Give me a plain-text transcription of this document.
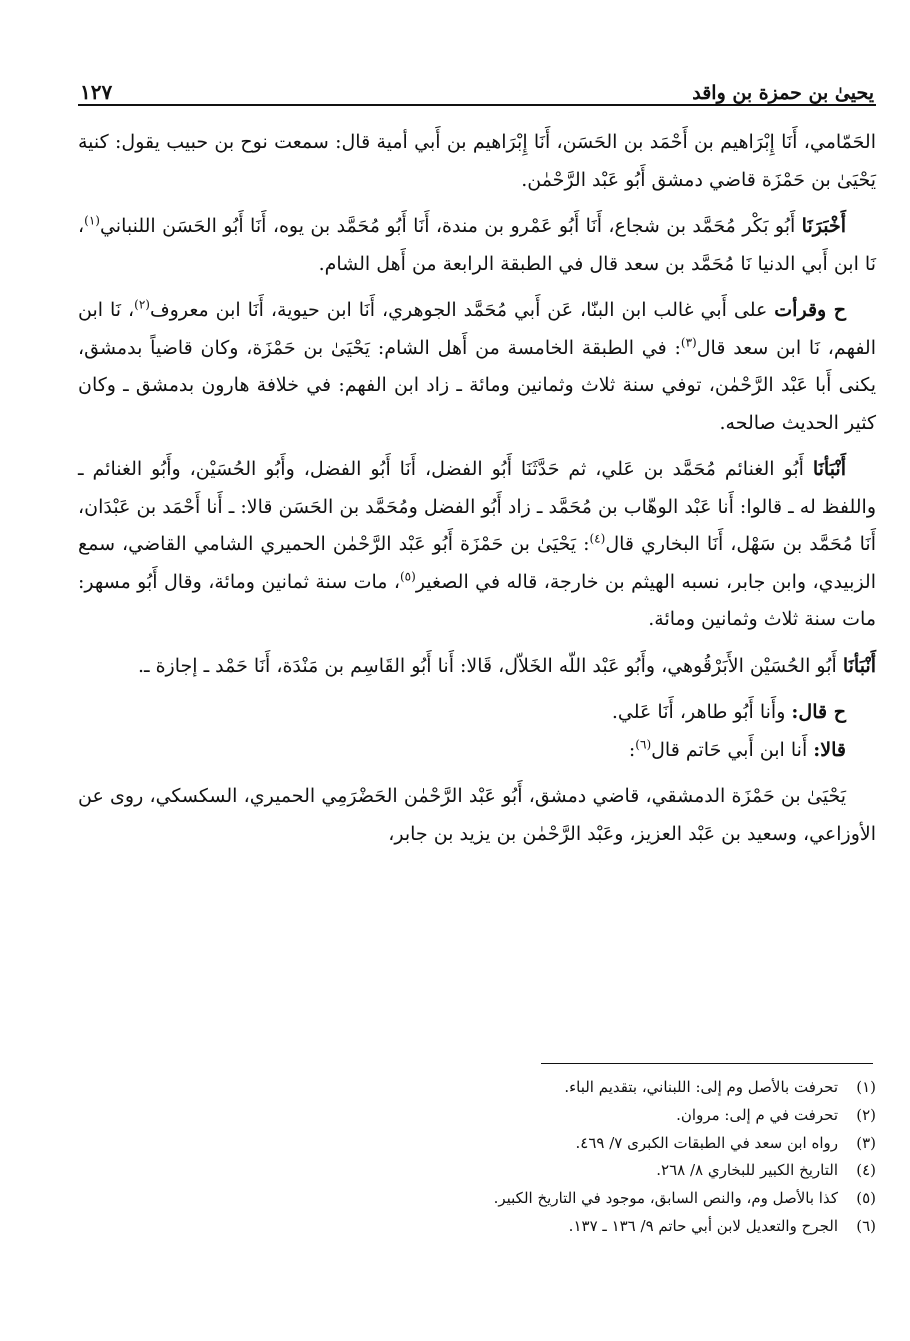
يحيىٰ بن حمزة بن واقد
١٢٧

الحَمّامي، أَنَا إِبْرَاهيم بن أَحْمَد بن الحَسَن، أَنَا إِبْرَاهيم بن أَبي أمية قال: سمعت نوح بن حبيب يقول: كنية يَحْيَىٰ بن حَمْزَة قاضي دمشق أَبُو عَبْد الرَّحْمٰن.

أَخْبَرَنَا أَبُو بَكْر مُحَمَّد بن شجاع، أَنَا أَبُو عَمْرو بن مندة، أَنَا أَبُو مُحَمَّد بن يوه، أَنَا أَبُو الحَسَن اللنباني$^{(١)}$، نَا ابن أَبي الدنيا نَا مُحَمَّد بن سعد قال في الطبقة الرابعة من أَهل الشام.

ح وقرأت على أَبي غالب ابن البنّا، عَن أَبي مُحَمَّد الجوهري، أَنَا ابن حيوية، أَنَا ابن معروف$^{(٢)}$، نَا ابن الفهم، نَا ابن سعد قال$^{(٣)}$: في الطبقة الخامسة من أَهل الشام: يَحْيَىٰ بن حَمْزَة، وكان قاضياً بدمشق، يكنى أَبا عَبْد الرَّحْمٰن، توفي سنة ثلاث وثمانين ومائة ـ زاد ابن الفهم: في خلافة هارون بدمشق ـ وكان كثير الحديث صالحه.

أَنْبَأنَا أَبُو الغنائم مُحَمَّد بن عَلي، ثم حَدَّثَنَا أَبُو الفضل، أَنَا أَبُو الفضل، وأَبُو الحُسَيْن، وأَبُو الغنائم ـ واللفظ له ـ قالوا: أَنا عَبْد الوهّاب بن مُحَمَّد ـ زاد أَبُو الفضل ومُحَمَّد بن الحَسَن قالا: ـ أَنا أَحْمَد بن عَبْدَان، أَنَا مُحَمَّد بن سَهْل، أَنَا البخاري قال$^{(٤)}$: يَحْيَىٰ بن حَمْزَة أَبُو عَبْد الرَّحْمٰن الحميري الشامي القاضي، سمع الزبيدي، وابن جابر، نسبه الهيثم بن خارجة، قاله في الصغير$^{(٥)}$، مات سنة ثمانين ومائة، وقال أَبُو مسهر: مات سنة ثلاث وثمانين ومائة.

أَنْبَأنَا أَبُو الحُسَيْن الأَبَرْقُوهي، وأَبُو عَبْد اللّه الخَلاّل، قَالا: أَنا أَبُو القَاسِم بن مَنْدَة، أَنَا حَمْد ـ إجازة ـ.

ح قال: وأَنا أَبُو طاهر، أَنَا عَلي.

قالا: أَنا ابن أَبي حَاتم قال$^{(٦)}$:

يَحْيَىٰ بن حَمْزَة الدمشقي، قاضي دمشق، أَبُو عَبْد الرَّحْمٰن الحَضْرَمِي الحميري، السكسكي، روى عن الأوزاعي، وسعيد بن عَبْد العزيز، وعَبْد الرَّحْمٰن بن يزيد بن جابر،

(١)تحرفت بالأصل وم إلى: اللبناني، بتقديم الباء.
(٢)تحرفت في م إلى: مروان.
(٣)رواه ابن سعد في الطبقات الكبرى ٧/ ٤٦٩.
(٤)التاريخ الكبير للبخاري ٨/ ٢٦٨.
(٥)كذا بالأصل وم، والنص السابق، موجود في التاريخ الكبير.
(٦)الجرح والتعديل لابن أبي حاتم ٩/ ١٣٦ ـ ١٣٧.
